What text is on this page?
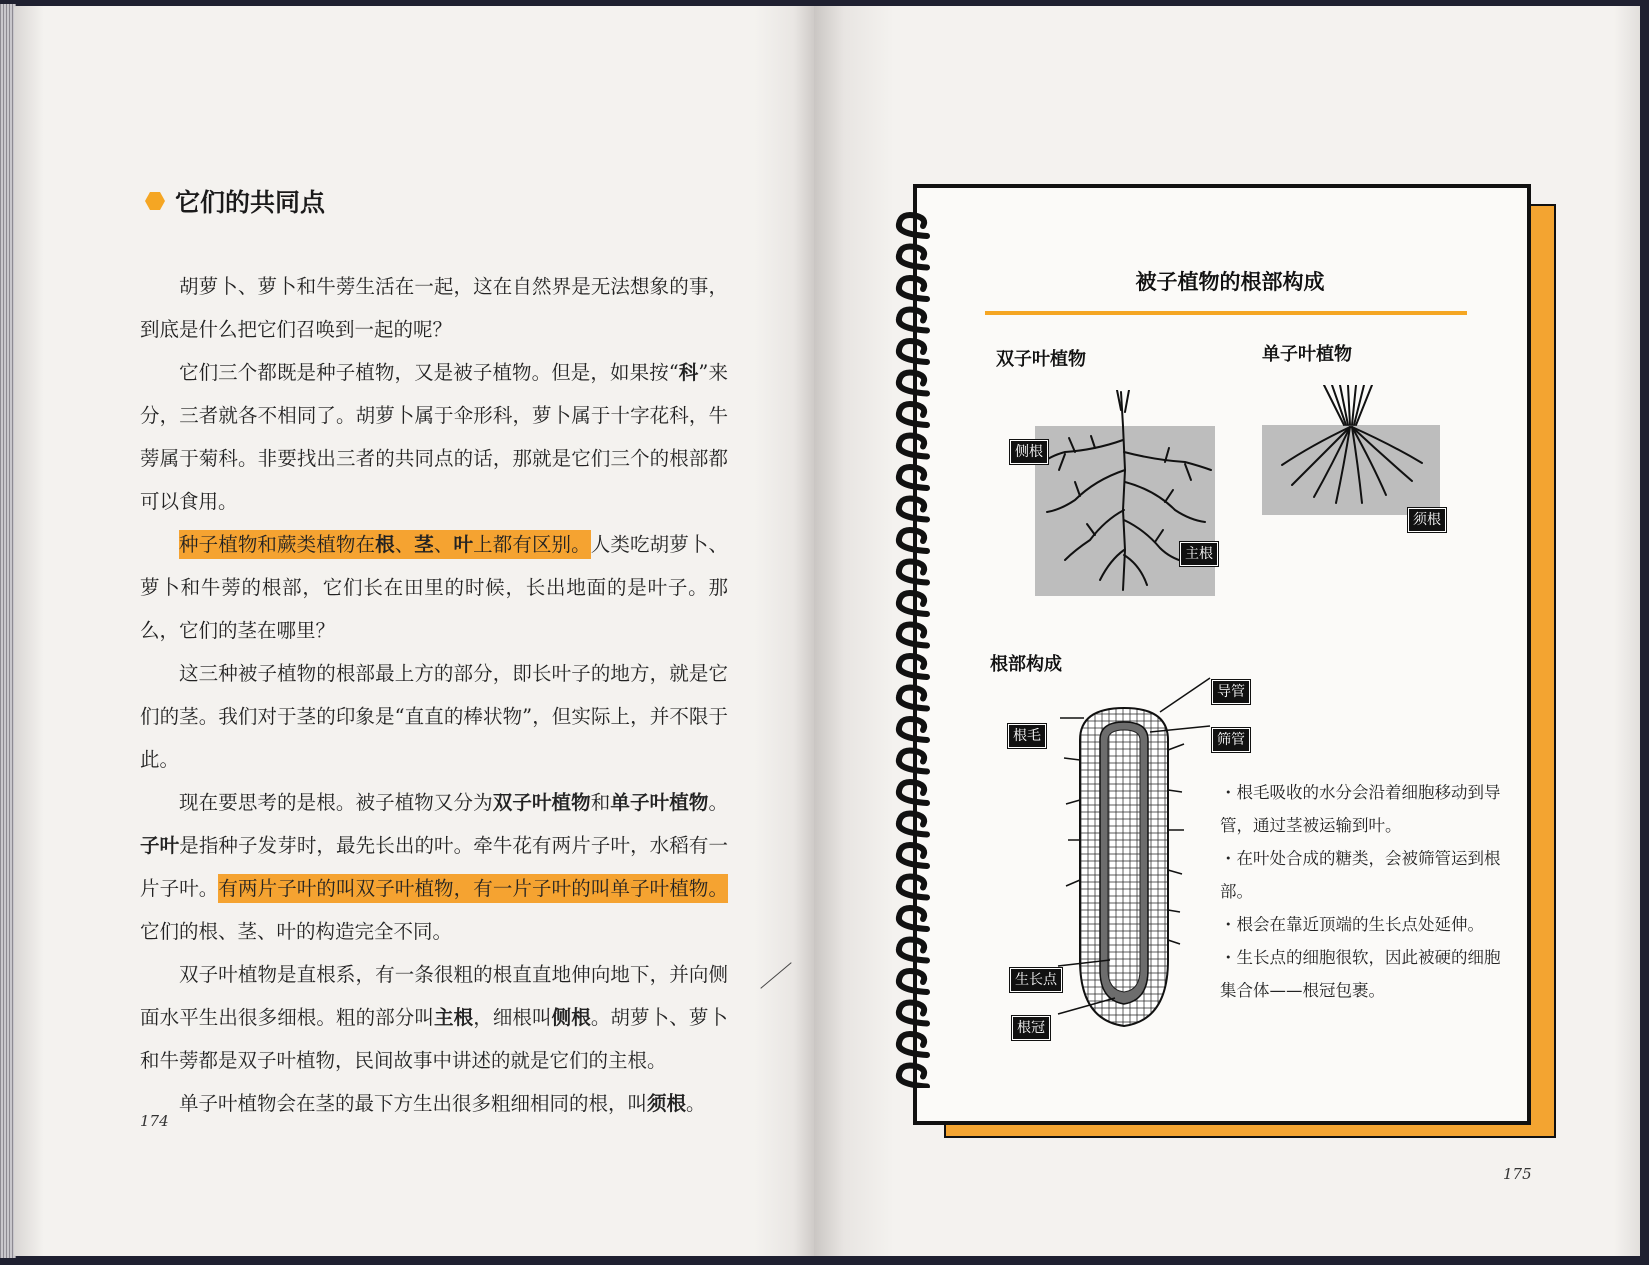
它们的共同点

胡萝卜、萝卜和牛蒡生活在一起，这在自然界是无法想象的事，到底是什么把它们召唤到一起的呢？

它们三个都既是种子植物，又是被子植物。但是，如果按“科”来分，三者就各不相同了。胡萝卜属于伞形科，萝卜属于十字花科，牛蒡属于菊科。非要找出三者的共同点的话，那就是它们三个的根部都可以食用。

种子植物和蕨类植物在根、茎、叶上都有区别。人类吃胡萝卜、萝卜和牛蒡的根部，它们长在田里的时候，长出地面的是叶子。那么，它们的茎在哪里？

这三种被子植物的根部最上方的部分，即长叶子的地方，就是它们的茎。我们对于茎的印象是“直直的棒状物”，但实际上，并不限于此。

现在要思考的是根。被子植物又分为双子叶植物和单子叶植物。子叶是指种子发芽时，最先长出的叶。牵牛花有两片子叶，水稻有一片子叶。有两片子叶的叫双子叶植物，有一片子叶的叫单子叶植物。它们的根、茎、叶的构造完全不同。

双子叶植物是直根系，有一条很粗的根直直地伸向地下，并向侧面水平生出很多细根。粗的部分叫主根，细根叫侧根。胡萝卜、萝卜和牛蒡都是双子叶植物，民间故事中讲述的就是它们的主根。

单子叶植物会在茎的最下方生出很多粗细相同的根，叫须根。

174
被子植物的根部构成
双子叶植物	单子叶植物
根部构成
侧根
主根
须根
根毛
导管
筛管
生长点
根冠
・根毛吸收的水分会沿着细胞移动到导管，通过茎被运输到叶。
・在叶处合成的糖类，会被筛管运到根部。
・根会在靠近顶端的生长点处延伸。
・生长点的细胞很软，因此被硬的细胞集合体——根冠包裹。
175
